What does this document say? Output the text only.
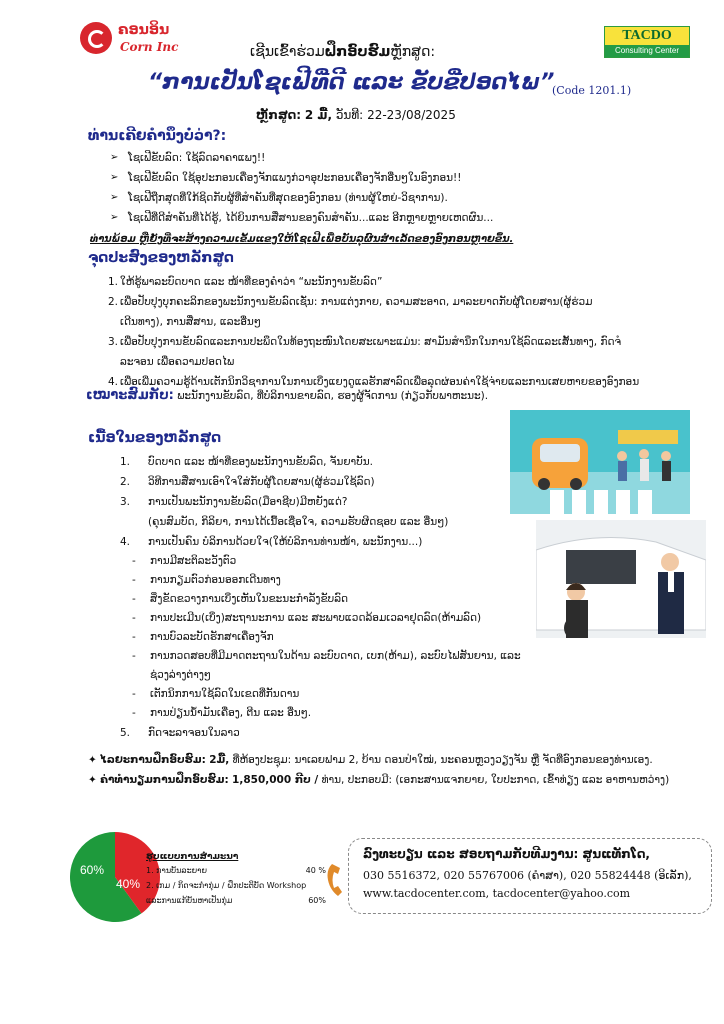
ຄອນອິນ
Corn Inc
TACDO
Consulting Center
ເຊີນເຂົ້າຮ່ວມຝຶກອົບຮົມຫຼັກສູດ:
“ການເປັນໂຊເຟີທີ່ດີ ແລະ ຂັບຂີ່ປອດໄພ”
(Code 1201.1)
ຫຼັກສູດ: 2 ມື້, ວັນທີ: 22-23/08/2025
ທ່ານເຄີຍຄຳນຶງບໍ່ວ່າ?:
➢ ໂຊເຟີຂັບລົດ: ໃຊ້ລົດລາຄາແພງ!!
➢ ໂຊເຟີຂັບລົດ ໃຊ້ອຸປະກອນເຄື່ອງຈັກແພງກ່ວາອຸປະກອນເຄື່ອງຈັກອື່ນໆໃນອົງກອນ!!
➢ ໂຊເຟີຖືກສຸດທີ່ໃກ້ຊິດກັບຜູ້ທີ່ສຳຄັນທີ່ສຸດຂອງອົງກອນ (ທ່ານຜູ້ໃຫຍ່-ວິຊາການ).
➢ ໂຊເຟີທີ່ດີສຳຄັນທີ່ໄດ້ຮູ້, ໄດ້ຍິນການສື່ສານຂອງຄົນສຳຄັນ...ແລະ ອີກຫຼາຍຫຼາຍເຫດຜົນ...
ທ່ານພ້ອມ ຫຼືຍັງທີ່ຈະສ້າງຄວາມເຂັ້ມແຂງໃຫ້ໂຊເຟີເພື່ອບັນລຸຜົນສຳເລັດຂອງອົງກອນຫຼາຍຂຶ້ນ.
ຈຸດປະສົງຂອງຫລັກສູດ
1. ໃຫ້ຮູ້ພາລະບົດບາດ ແລະ ໜ້າທີ່ຂອງຄຳວ່າ “ພະນັກງານຂັບລົດ”
2. ເພື່ອປັບປຸງບຸກຄະລິກຂອງພະນັກງານຂັບລົດເຊັ່ນ: ການແຕ່ງກາຍ, ຄວາມສະອາດ, ມາລະຍາດກັບຜູ້ໂດຍສານ(ຜູ້ຮ່ວມ
ເດີນທາງ), ການສື່ສານ, ແລະອື່ນໆ
3. ເພື່ອປັບປຸງການຂັບລົດແລະການປະພຶດໃນທ້ອງຖະໜົນໂດຍສະເພາະແມ່ນ: ສາມັນສຳນຶກໃນການໃຊ້ລົດແລະເສັ້ນທາງ, ກົດຈໍ
ລະຈອນ ເພື່ອຄວາມປອດໄພ
4. ເພື່ອເພີ່ມຄວາມຮູ້ດ້ານເຕັກນິກວິຊາການໃນການເບິ່ງແຍງດູແລຮັກສາລົດເພື່ອລຸດຜ່ອນຄ່າໃຊ້ຈ່າຍແລະການເສຍຫາຍຂອງອົງກອນ
ເໝາະສົມກັບ: ພະນັກງານຂັບລົດ, ທີ່ບໍລິການຂາຍລົດ, ຮອງຜູ້ຈັດການ (ກ່ຽວກັບພາຫະນະ).
ເນື້ອໃນຂອງຫລັກສູດ
1. ບົດບາດ ແລະ ໜ້າທີ່ຂອງພະນັກງານຂັບລົດ, ຈັນຍາບັນ.
2. ວິທີການສື່ສານເອົາໃຈໃສ່ກັບຜູ້ໂດຍສານ(ຜູ້ຮ່ວມໃຊ້ລົດ)
3. ການເປັນພະນັກງານຂັບລົດ(ມືອາຊີບ)ມີຫຍັງແດ່?
(ຄຸນສົມບັດ, ກິລິຍາ, ການໄດ້ເນື້ອເຊື່ອໃຈ, ຄວາມຮັບຜິດຊອບ ແລະ ອື່ນໆ)
4. ການເປັນຄົນ ບໍລິການດ້ວຍໃຈ(ໃຫ້ບໍລິການທ່ານໜ້າ, ພະນັກງານ...)
- ການມີສະຕິລະວັງຕົວ
- ການກຽມຕົວກ່ອນອອກເດີນທາງ
- ສິ່ງຂັດຂວາງການເບິ່ງເຫັນໃນຂະນະກຳລັງຂັບລົດ
- ການປະເມີນ(ເບິ່ງ)ສະຖານະການ ແລະ ສະພາບແວດລ້ອມເວລາຢຸດລົດ(ຫ້າມລົດ)
- ການບົວລະບັດຮັກສາເຄື່ອງຈັກ
- ການກວດສອບທີ່ມີມາດຕະຖານໃນດ້ານ ລະບົບດາດ, ເບກ(ຫ້າມ), ລະບົບໄຟສັນຍານ, ແລະ ຊ່ວງລ່າງຕ່າງໆ
- ເຕັກນິກການໃຊ້ລົດໃນເຂດທີ່ກັນດານ
- ການປ່ຽນນ້ຳມັນເຄື່ອງ, ຕີນ ແລະ ອື່ນໆ.
5. ກົດຈະລາຈອນໃນລາວ
✦ ໄລຍະການຝຶກອົບຮົມ: 2ມື້, ທີ່ຫ້ອງປະຊຸມ: ນາເລຍຟາມ 2, ບ້ານ ດອນປ່າໃໝ່, ນະຄອນຫຼວງວຽງຈັນ ຫຼື ຈັດທີ່ອົງກອນຂອງທ່ານເອງ.
✦ ຄ່າທຳນຽມການຝຶກອົບຮົມ: 1,850,000 ກີບ / ທ່ານ, ປະກອບມີ: (ເອກະສານແຈກຍາຍ, ໃບປະກາດ, ເຂົ້າທ່ຽງ ແລະ ອາຫານຫວ່າງ)
60%
40%
ຮູບແບບການສຳມະນາ
1. ການບັນລະຍາຍ	40 %
2. ເກມ / ກິດຈະກຳກຸ່ມ / ຝຶກປະຕິບັດ Workshop
ແລະການແກ້ບັນຫາເປັນກຸ່ມ	60%
ລົງທະບຽນ ແລະ ສອບຖາມກັບທີມງານ: ສູນແທັກໂດ,
030 5516372, 020 55767006 (ຄຳສາ), 020 55824448 (ອິເລັກ),
www.tacdocenter.com, tacdocenter@yahoo.com
